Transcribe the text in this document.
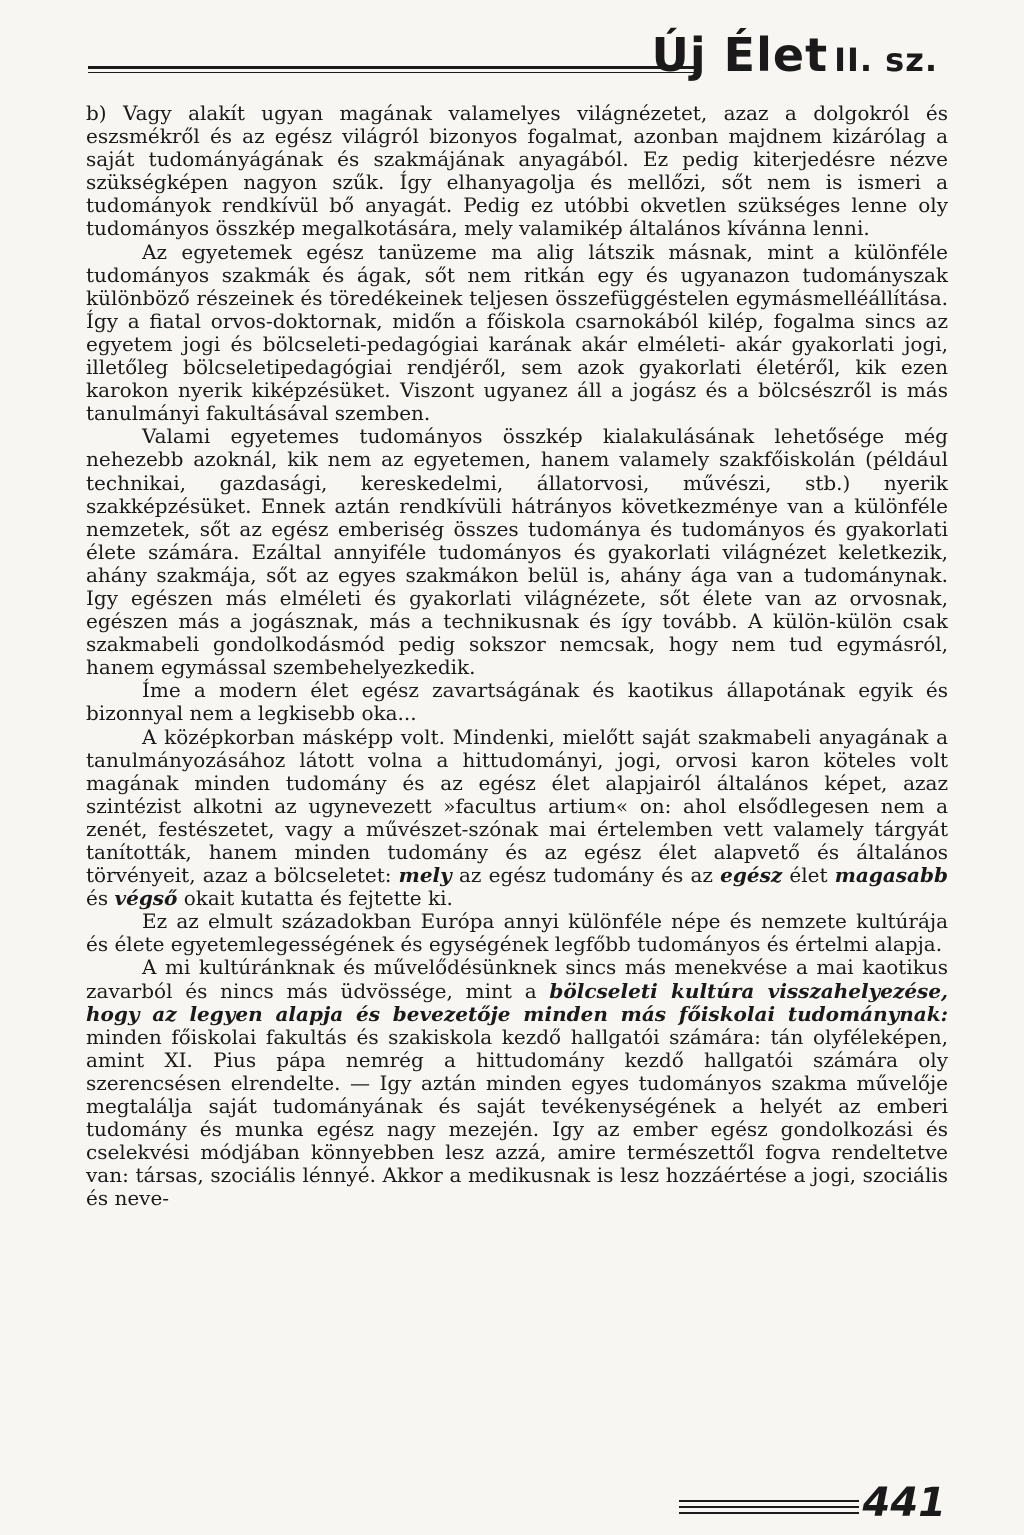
Új Élet II. sz.

b) Vagy alakít ugyan magának valamelyes világnézetet, azaz a dolgokról és eszsmékről és az egész világról bizonyos fogalmat, azonban majdnem kizárólag a saját tudományágának és szakmájának anyagából. Ez pedig kiterjedésre nézve szükségképen nagyon szűk. Így elhanyagolja és mellőzi, sőt nem is ismeri a tudományok rendkívül bő anyagát. Pedig ez utóbbi okvetlen szükséges lenne oly tudományos összkép megalkotására, mely valamikép általános kívánna lenni.

Az egyetemek egész tanüzeme ma alig látszik másnak, mint a különféle tudományos szakmák és ágak, sőt nem ritkán egy és ugyanazon tudományszak különböző részeinek és töredékeinek teljesen összefüggéstelen egymásmelléállítása. Így a fiatal orvos-doktornak, midőn a főiskola csarnokából kilép, fogalma sincs az egyetem jogi és bölcseleti-pedagógiai karának akár elméleti- akár gyakorlati jogi, illetőleg bölcseletipedagógiai rendjéről, sem azok gyakorlati életéről, kik ezen karokon nyerik kiképzésüket. Viszont ugyanez áll a jogász és a bölcsészről is más tanulmányi fakultásával szemben.

Valami egyetemes tudományos összkép kialakulásának lehetősége még nehezebb azoknál, kik nem az egyetemen, hanem valamely szakfőiskolán (például technikai, gazdasági, kereskedelmi, állatorvosi, művészi, stb.) nyerik szakképzésüket. Ennek aztán rendkívüli hátrányos következménye van a különféle nemzetek, sőt az egész emberiség összes tudománya és tudományos és gyakorlati élete számára. Ezáltal annyiféle tudományos és gyakorlati világnézet keletkezik, ahány szakmája, sőt az egyes szakmákon belül is, ahány ága van a tudománynak. Igy egészen más elméleti és gyakorlati világnézete, sőt élete van az orvosnak, egészen más a jogásznak, más a technikusnak és így tovább. A külön-külön csak szakmabeli gondolkodásmód pedig sokszor nemcsak, hogy nem tud egymásról, hanem egymással szembehelyezkedik.

Íme a modern élet egész zavartságának és kaotikus állapotának egyik és bizonnyal nem a legkisebb oka...

A középkorban másképp volt. Mindenki, mielőtt saját szakmabeli anyagának a tanulmányozásához látott volna a hittudományi, jogi, orvosi karon köteles volt magának minden tudomány és az egész élet alapjairól általános képet, azaz szintézist alkotni az ugynevezett »facultus artium« on: ahol elsődlegesen nem a zenét, festészetet, vagy a művészet-szónak mai értelemben vett valamely tárgyát tanították, hanem minden tudomány és az egész élet alapvető és általános törvényeit, azaz a bölcseletet: mely az egész tudomány és az egész élet magasabb és végső okait kutatta és fejtette ki.

Ez az elmult századokban Európa annyi különféle népe és nemzete kultúrája és élete egyetemlegességének és egységének legfőbb tudományos és értelmi alapja.

A mi kultúránknak és művelődésünknek sincs más menekvése a mai kaotikus zavarból és nincs más üdvössége, mint a bölcseleti kultúra visszahelyezése, hogy az legyen alapja és bevezetője minden más főiskolai tudománynak: minden főiskolai fakultás és szakiskola kezdő hallgatói számára: tán olyféleképen, amint XI. Pius pápa nemrég a hittudomány kezdő hallgatói számára oly szerencsésen elrendelte. — Igy aztán minden egyes tudományos szakma művelője megtalálja saját tudományának és saját tevékenységének a helyét az emberi tudomány és munka egész nagy mezején. Igy az ember egész gondolkozási és cselekvési módjában könnyebben lesz azzá, amire természettől fogva rendeltetve van: társas, szociális lénnyé. Akkor a medikusnak is lesz hozzáértése a jogi, szociális és neve-

441
